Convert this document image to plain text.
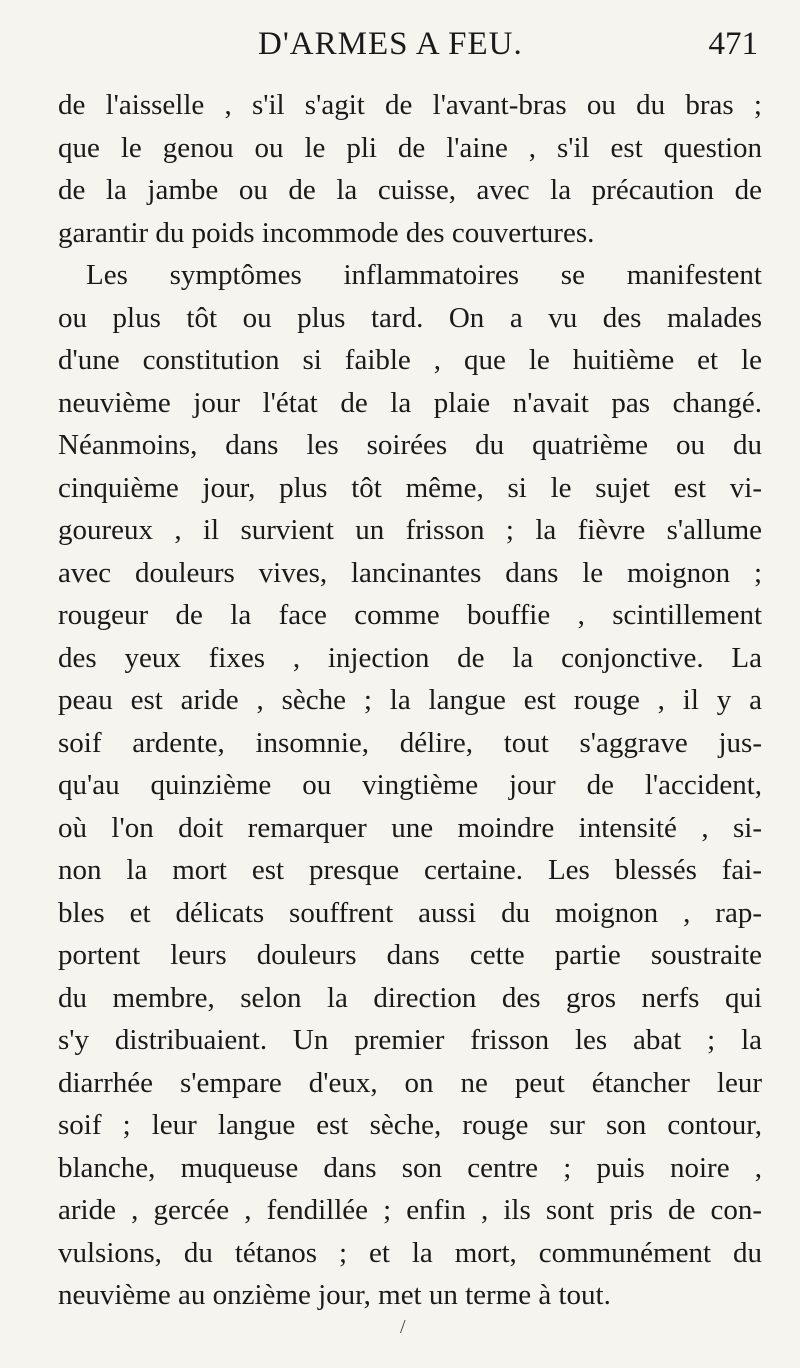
D'ARMES A FEU.	471
de l'aisselle , s'il s'agit de l'avant-bras ou du bras ;
que le genou ou le pli de l'aine , s'il est question
de la jambe ou de la cuisse, avec la précaution de
garantir du poids incommode des couvertures.
Les symptômes inflammatoires se manifestent
ou plus tôt ou plus tard. On a vu des malades
d'une constitution si faible , que le huitième et le
neuvième jour l'état de la plaie n'avait pas changé.
Néanmoins, dans les soirées du quatrième ou du
cinquième jour, plus tôt même, si le sujet est vi-
goureux , il survient un frisson ; la fièvre s'allume
avec douleurs vives, lancinantes dans le moignon ;
rougeur de la face comme bouffie , scintillement
des yeux fixes , injection de la conjonctive. La
peau est aride , sèche ; la langue est rouge , il y a
soif ardente, insomnie, délire, tout s'aggrave jus-
qu'au quinzième ou vingtième jour de l'accident,
où l'on doit remarquer une moindre intensité , si-
non la mort est presque certaine. Les blessés fai-
bles et délicats souffrent aussi du moignon , rap-
portent leurs douleurs dans cette partie soustraite
du membre, selon la direction des gros nerfs qui
s'y distribuaient. Un premier frisson les abat ; la
diarrhée s'empare d'eux, on ne peut étancher leur
soif ; leur langue est sèche, rouge sur son contour,
blanche, muqueuse dans son centre ; puis noire ,
aride , gercée , fendillée ; enfin , ils sont pris de con-
vulsions, du tétanos ; et la mort, communément du
neuvième au onzième jour, met un terme à tout.
/
